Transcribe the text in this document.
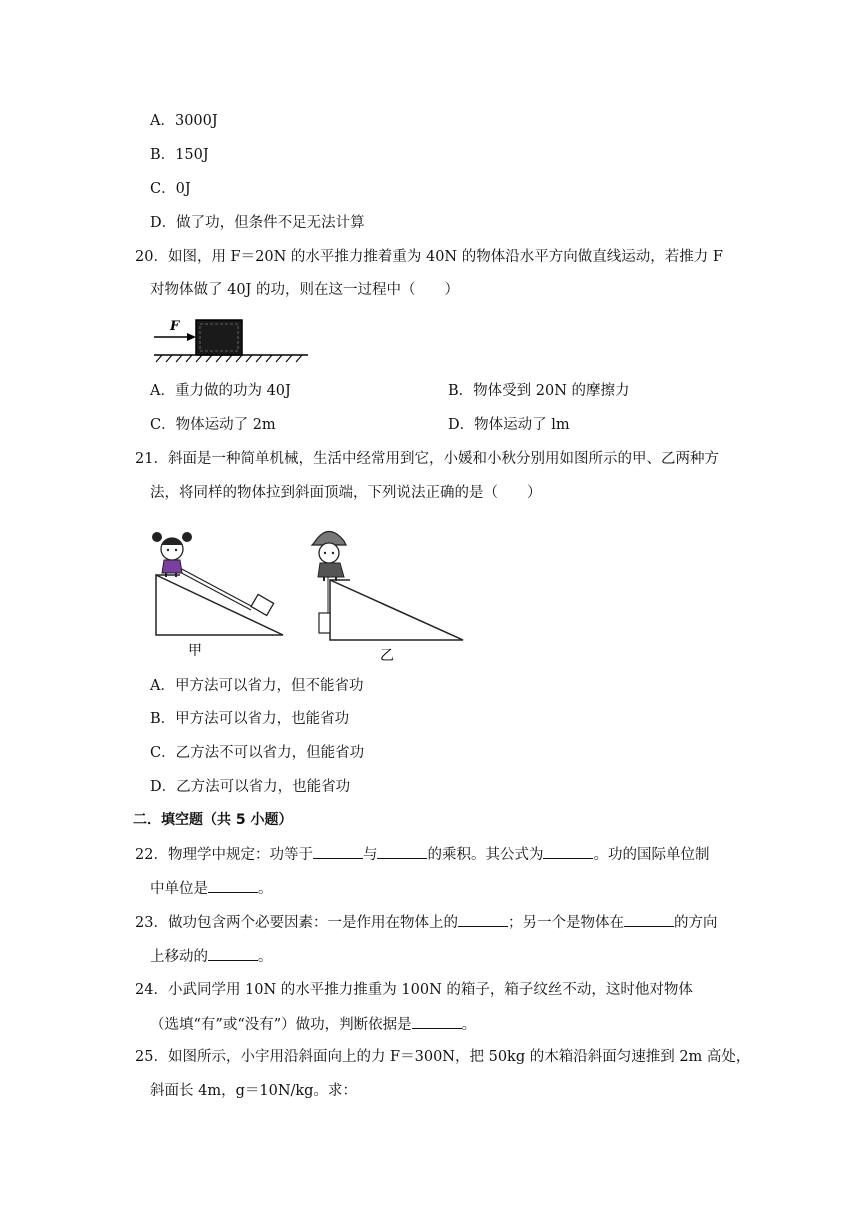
A．3000J
B．150J
C．0J
D．做了功，但条件不足无法计算
20．如图，用 F＝20N 的水平推力推着重为 40N 的物体沿水平方向做直线运动，若推力 F
对物体做了 40J 的功，则在这一过程中（　　）
F
A．重力做的功为 40J	B．物体受到 20N 的摩擦力
C．物体运动了 2m	D．物体运动了 lm
21．斜面是一种简单机械，生活中经常用到它，小媛和小秋分别用如图所示的甲、乙两种方
法，将同样的物体拉到斜面顶端，下列说法正确的是（　　）
甲	乙
A．甲方法可以省力，但不能省功
B．甲方法可以省力，也能省功
C．乙方法不可以省力，但能省功
D．乙方法可以省力，也能省功
二．填空题（共 5 小题）
22．物理学中规定：功等于	与	的乘积。其公式为	。功的国际单位制
中单位是	。
23．做功包含两个必要因素：一是作用在物体上的	；另一个是物体在	的方向
上移动的	。
24．小武同学用 10N 的水平推力推重为 100N 的箱子，箱子纹丝不动，这时他对物体
（选填“有”或“没有”）做功，判断依据是	。
25．如图所示，小宇用沿斜面向上的力 F＝300N，把 50kg 的木箱沿斜面匀速推到 2m 高处，
斜面长 4m，g＝10N/kg。求：
